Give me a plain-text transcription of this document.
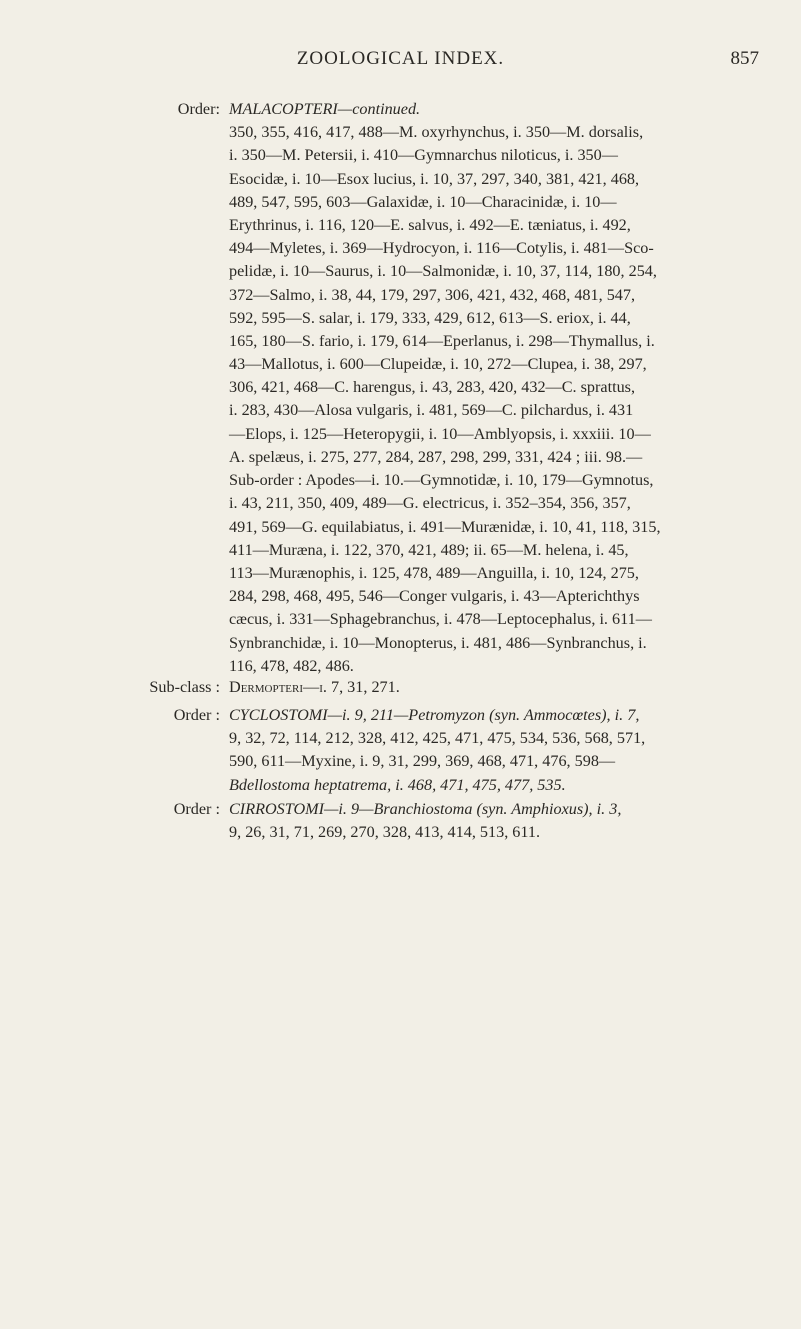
ZOOLOGICAL INDEX.	857
Order: MALACOPTERI—continued.
350, 355, 416, 417, 488—M. oxyrhynchus, i. 350—M. dorsalis,
i. 350—M. Petersii, i. 410—Gymnarchus niloticus, i. 350—
Esocidæ, i. 10—Esox lucius, i. 10, 37, 297, 340, 381, 421, 468,
489, 547, 595, 603—Galaxidæ, i. 10—Characinidæ, i. 10—
Erythrinus, i. 116, 120—E. salvus, i. 492—E. tæniatus, i. 492,
494—Myletes, i. 369—Hydrocyon, i. 116—Cotylis, i. 481—Sco-
pelidæ, i. 10—Saurus, i. 10—Salmonidæ, i. 10, 37, 114, 180, 254,
372—Salmo, i. 38, 44, 179, 297, 306, 421, 432, 468, 481, 547,
592, 595—S. salar, i. 179, 333, 429, 612, 613—S. eriox, i. 44,
165, 180—S. fario, i. 179, 614—Eperlanus, i. 298—Thymallus, i.
43—Mallotus, i. 600—Clupeidæ, i. 10, 272—Clupea, i. 38, 297,
306, 421, 468—C. harengus, i. 43, 283, 420, 432—C. sprattus,
i. 283, 430—Alosa vulgaris, i. 481, 569—C. pilchardus, i. 431
—Elops, i. 125—Heteropygii, i. 10—Amblyopsis, i. xxxiii. 10—
A. spelæus, i. 275, 277, 284, 287, 298, 299, 331, 424 ; iii. 98.—
Sub-order : Apodes—i. 10.—Gymnotidæ, i. 10, 179—Gymnotus,
i. 43, 211, 350, 409, 489—G. electricus, i. 352–354, 356, 357,
491, 569—G. equilabiatus, i. 491—Murænidæ, i. 10, 41, 118, 315,
411—Muræna, i. 122, 370, 421, 489; ii. 65—M. helena, i. 45,
113—Murænophis, i. 125, 478, 489—Anguilla, i. 10, 124, 275,
284, 298, 468, 495, 546—Conger vulgaris, i. 43—Apterichthys
cæcus, i. 331—Sphagebranchus, i. 478—Leptocephalus, i. 611—
Synbranchidæ, i. 10—Monopterus, i. 481, 486—Synbranchus, i.
116, 478, 482, 486.
Sub-class : Dermopteri—i. 7, 31, 271.
Order : CYCLOSTOMI—i. 9, 211—Petromyzon (syn. Ammocœtes), i. 7,
9, 32, 72, 114, 212, 328, 412, 425, 471, 475, 534, 536, 568, 571,
590, 611—Myxine, i. 9, 31, 299, 369, 468, 471, 476, 598—
Bdellostoma heptatrema, i. 468, 471, 475, 477, 535.
Order : CIRROSTOMI—i. 9—Branchiostoma (syn. Amphioxus), i. 3,
9, 26, 31, 71, 269, 270, 328, 413, 414, 513, 611.
